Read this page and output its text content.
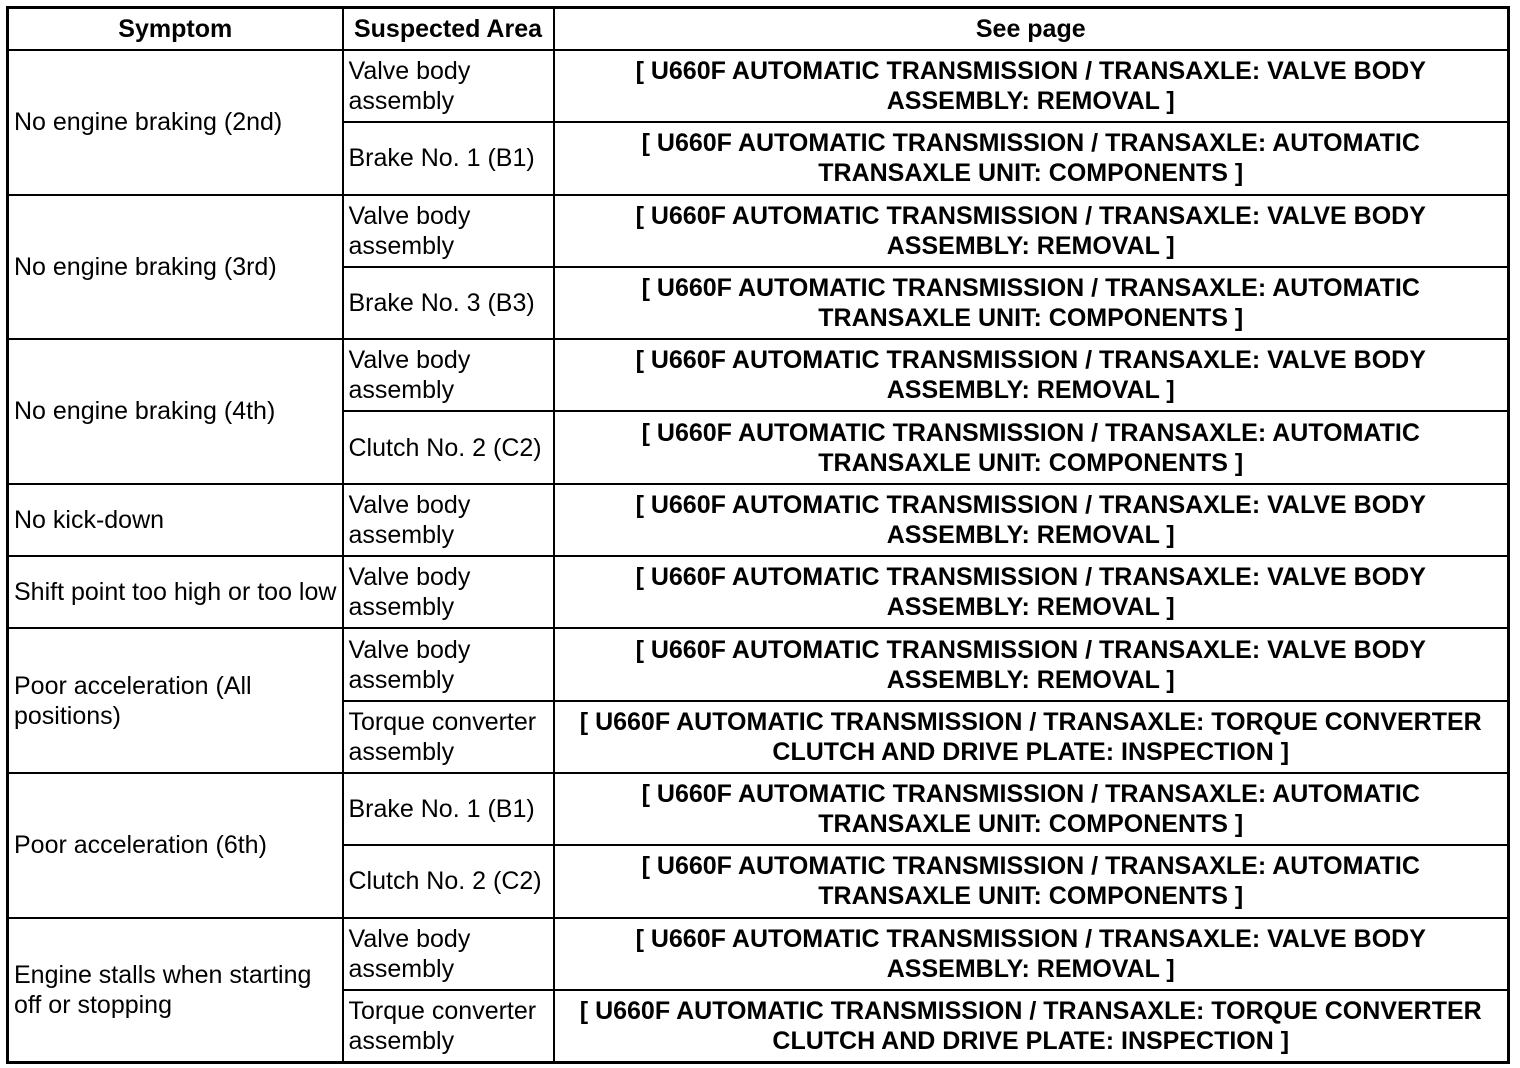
Symptom	Suspected Area	See page
No engine braking (2nd)	Valve body assembly	[ U660F AUTOMATIC TRANSMISSION / TRANSAXLE: VALVE BODY ASSEMBLY: REMOVAL ]
	Brake No. 1 (B1)	[ U660F AUTOMATIC TRANSMISSION / TRANSAXLE: AUTOMATIC TRANSAXLE UNIT: COMPONENTS ]
No engine braking (3rd)	Valve body assembly	[ U660F AUTOMATIC TRANSMISSION / TRANSAXLE: VALVE BODY ASSEMBLY: REMOVAL ]
	Brake No. 3 (B3)	[ U660F AUTOMATIC TRANSMISSION / TRANSAXLE: AUTOMATIC TRANSAXLE UNIT: COMPONENTS ]
No engine braking (4th)	Valve body assembly	[ U660F AUTOMATIC TRANSMISSION / TRANSAXLE: VALVE BODY ASSEMBLY: REMOVAL ]
	Clutch No. 2 (C2)	[ U660F AUTOMATIC TRANSMISSION / TRANSAXLE: AUTOMATIC TRANSAXLE UNIT: COMPONENTS ]
No kick-down	Valve body assembly	[ U660F AUTOMATIC TRANSMISSION / TRANSAXLE: VALVE BODY ASSEMBLY: REMOVAL ]
Shift point too high or too low	Valve body assembly	[ U660F AUTOMATIC TRANSMISSION / TRANSAXLE: VALVE BODY ASSEMBLY: REMOVAL ]
Poor acceleration (All positions)	Valve body assembly	[ U660F AUTOMATIC TRANSMISSION / TRANSAXLE: VALVE BODY ASSEMBLY: REMOVAL ]
	Torque converter assembly	[ U660F AUTOMATIC TRANSMISSION / TRANSAXLE: TORQUE CONVERTER CLUTCH AND DRIVE PLATE: INSPECTION ]
Poor acceleration (6th)	Brake No. 1 (B1)	[ U660F AUTOMATIC TRANSMISSION / TRANSAXLE: AUTOMATIC TRANSAXLE UNIT: COMPONENTS ]
	Clutch No. 2 (C2)	[ U660F AUTOMATIC TRANSMISSION / TRANSAXLE: AUTOMATIC TRANSAXLE UNIT: COMPONENTS ]
Engine stalls when starting off or stopping	Valve body assembly	[ U660F AUTOMATIC TRANSMISSION / TRANSAXLE: VALVE BODY ASSEMBLY: REMOVAL ]
	Torque converter assembly	[ U660F AUTOMATIC TRANSMISSION / TRANSAXLE: TORQUE CONVERTER CLUTCH AND DRIVE PLATE: INSPECTION ]
